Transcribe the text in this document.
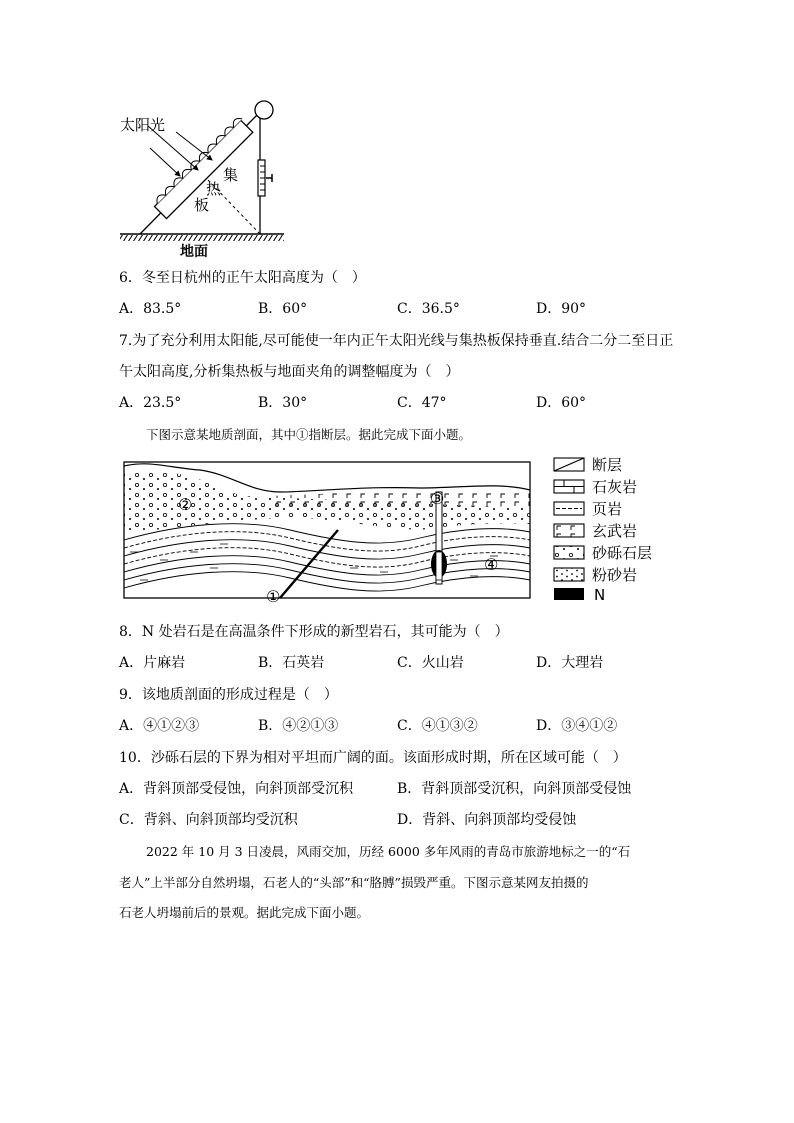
太阳光
集
热
板
地面
6．冬至日杭州的正午太阳高度为（　）
A．83.5°	B．60°	C．36.5°	D．90°
7.为了充分利用太阳能,尽可能使一年内正午太阳光线与集热板保持垂直.结合二分二至日正
午太阳高度,分析集热板与地面夹角的调整幅度为（　）
A．23.5°	B．30°	C．47°	D．60°
下图示意某地质剖面，其中①指断层。据此完成下面小题。
①
②	③
④
断层
石灰岩
页岩
玄武岩
砂砾石层
粉砂岩
N
8．N 处岩石是在高温条件下形成的新型岩石，其可能为（　）
A．片麻岩	B．石英岩	C．火山岩	D．大理岩
9．该地质剖面的形成过程是（　）
A．④①②③	B．④②①③	C．④①③②	D．③④①②
10．沙砾石层的下界为相对平坦而广阔的面。该面形成时期，所在区域可能（　）
A．背斜顶部受侵蚀，向斜顶部受沉积	B．背斜顶部受沉积，向斜顶部受侵蚀
C．背斜、向斜顶部均受沉积	D．背斜、向斜顶部均受侵蚀
2022 年 10 月 3 日凌晨，风雨交加，历经 6000 多年风雨的青岛市旅游地标之一的“石
老人”上半部分自然坍塌，石老人的“头部”和“胳膊”损毁严重。下图示意某网友拍摄的
石老人坍塌前后的景观。据此完成下面小题。
